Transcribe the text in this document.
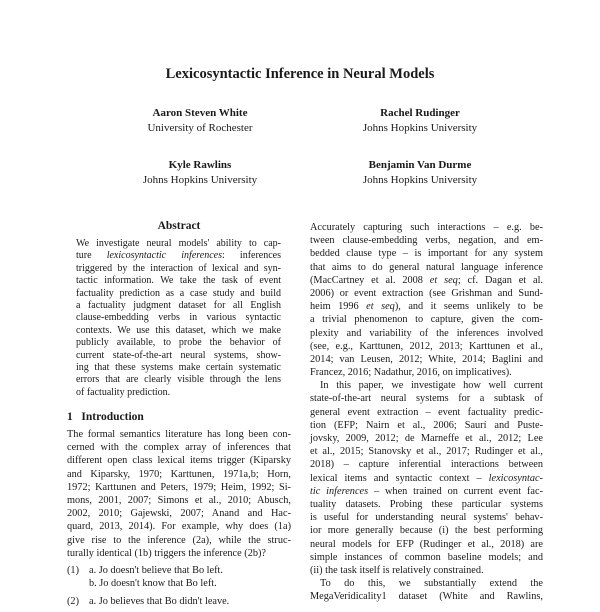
Lexicosyntactic Inference in Neural Models
Aaron Steven White
University of Rochester
Rachel Rudinger
Johns Hopkins University
Kyle Rawlins
Johns Hopkins University
Benjamin Van Durme
Johns Hopkins University
Abstract
We investigate neural models' ability to cap-
ture lexicosyntactic inferences: inferences
triggered by the interaction of lexical and syn-
tactic information. We take the task of event
factuality prediction as a case study and build
a factuality judgment dataset for all English
clause-embedding verbs in various syntactic
contexts. We use this dataset, which we make
publicly available, to probe the behavior of
current state-of-the-art neural systems, show-
ing that these systems make certain systematic
errors that are clearly visible through the lens
of factuality prediction.
1 Introduction
The formal semantics literature has long been con-
cerned with the complex array of inferences that
different open class lexical items trigger (Kiparsky
and Kiparsky, 1970; Karttunen, 1971a,b; Horn,
1972; Karttunen and Peters, 1979; Heim, 1992; Si-
mons, 2001, 2007; Simons et al., 2010; Abusch,
2002, 2010; Gajewski, 2007; Anand and Hac-
quard, 2013, 2014). For example, why does (1a)
give rise to the inference (2a), while the struc-
turally identical (1b) triggers the inference (2b)?
(1) a. Jo doesn't believe that Bo left.
b. Jo doesn't know that Bo left.
(2) a. Jo believes that Bo didn't leave.
Accurately capturing such interactions – e.g. be-
tween clause-embedding verbs, negation, and em-
bedded clause type – is important for any system
that aims to do general natural language inference
(MacCartney et al. 2008 et seq; cf. Dagan et al.
2006) or event extraction (see Grishman and Sund-
heim 1996 et seq), and it seems unlikely to be
a trivial phenomenon to capture, given the com-
plexity and variability of the inferences involved
(see, e.g., Karttunen, 2012, 2013; Karttunen et al.,
2014; van Leusen, 2012; White, 2014; Baglini and
Francez, 2016; Nadathur, 2016, on implicatives).
In this paper, we investigate how well current
state-of-the-art neural systems for a subtask of
general event extraction – event factuality predic-
tion (EFP; Nairn et al., 2006; Saurí and Puste-
jovsky, 2009, 2012; de Marneffe et al., 2012; Lee
et al., 2015; Stanovsky et al., 2017; Rudinger et al.,
2018) – capture inferential interactions between
lexical items and syntactic context – lexicosyntac-
tic inferences – when trained on current event fac-
tuality datasets. Probing these particular systems
is useful for understanding neural systems' behav-
ior more generally because (i) the best performing
neural models for EFP (Rudinger et al., 2018) are
simple instances of common baseline models; and
(ii) the task itself is relatively constrained.
To do this, we substantially extend the
MegaVeridicality1 dataset (White and Rawlins,
